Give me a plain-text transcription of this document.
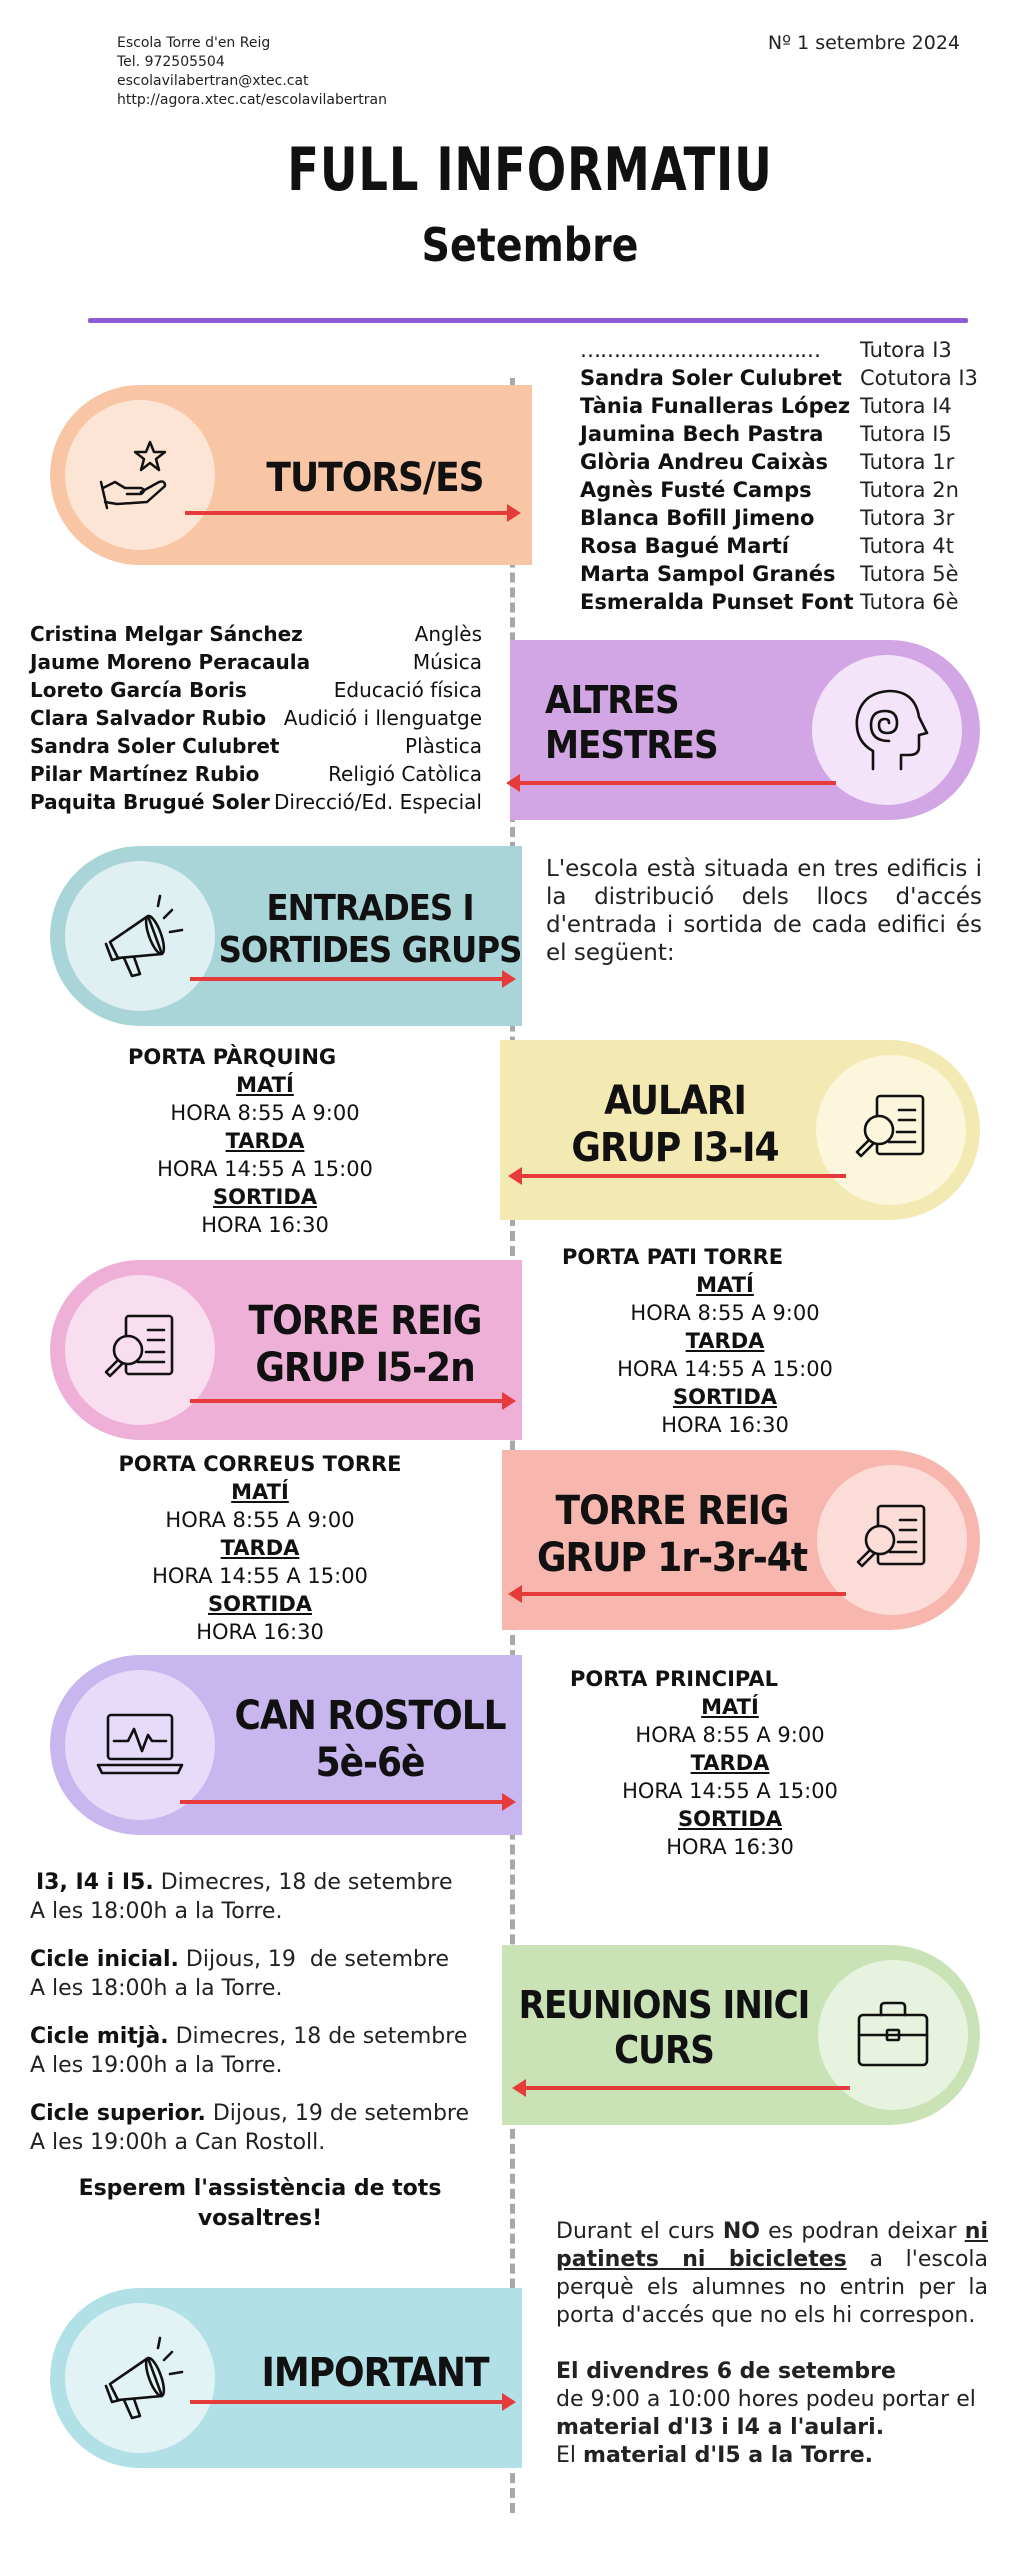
Escola Torre d'en Reig
Tel. 972505504
escolavilabertran@xtec.cat
http://agora.xtec.cat/escolavilabertran
Nº 1 setembre 2024
FULL INFORMATIU
Setembre
TUTORS/ES
………………………………	Tutora I3
Sandra Soler Culubret Cotutora I3
Tània Funalleras López Tutora I4
Jaumina Bech Pastra	Tutora I5
Glòria Andreu Caixàs	Tutora 1r
Agnès Fusté Camps	Tutora 2n
Blanca Bofill Jimeno	Tutora 3r
Rosa Bagué Martí	Tutora 4t
Marta Sampol Granés	Tutora 5è
Esmeralda Punset Font Tutora 6è
Cristina Melgar Sánchez	Anglès
Jaume Moreno Peracaula	Música
Loreto García Boris	Educació física
Clara Salvador Rubio Audició i llenguatge
Sandra Soler Culubret	Plàstica
Pilar Martínez Rubio	Religió Catòlica
Paquita Brugué Soler Direcció/Ed. Especial
ALTRES
MESTRES
ENTRADES I
SORTIDES GRUPS
L'escola està situada en tres edificis i la distribució dels llocs d'accés d'entrada i sortida de cada edifici és el següent:
PORTA PÀRQUING
MATÍ
HORA 8:55 A 9:00
TARDA
HORA 14:55 A 15:00
SORTIDA
HORA 16:30
AULARI
GRUP I3-I4
TORRE REIG
GRUP I5-2n
PORTA PATI TORRE
MATÍ
HORA 8:55 A 9:00
TARDA
HORA 14:55 A 15:00
SORTIDA
HORA 16:30
PORTA CORREUS TORRE
MATÍ
HORA 8:55 A 9:00
TARDA
HORA 14:55 A 15:00
SORTIDA
HORA 16:30
TORRE REIG
GRUP 1r-3r-4t
CAN ROSTOLL
5è-6è
PORTA PRINCIPAL
MATÍ
HORA 8:55 A 9:00
TARDA
HORA 14:55 A 15:00
SORTIDA
HORA 16:30
I3, I4 i I5. Dimecres, 18 de setembre
A les 18:00h a la Torre.
Cicle inicial. Dijous, 19  de setembre
A les 18:00h a la Torre.
Cicle mitjà. Dimecres, 18 de setembre
A les 19:00h a la Torre.
Cicle superior. Dijous, 19 de setembre
A les 19:00h a Can Rostoll.
Esperem l'assistència de tots vosaltres!
REUNIONS INICI
CURS
IMPORTANT

Durant el curs NO es podran deixar ni patinets ni bicicletes a l'escola perquè els alumnes no entrin per la porta d'accés que no els hi correspon.

El divendres 6 de setembre
de 9:00 a 10:00 hores podeu portar el material d'I3 i I4 a l'aulari.
El material d'I5 a la Torre.
